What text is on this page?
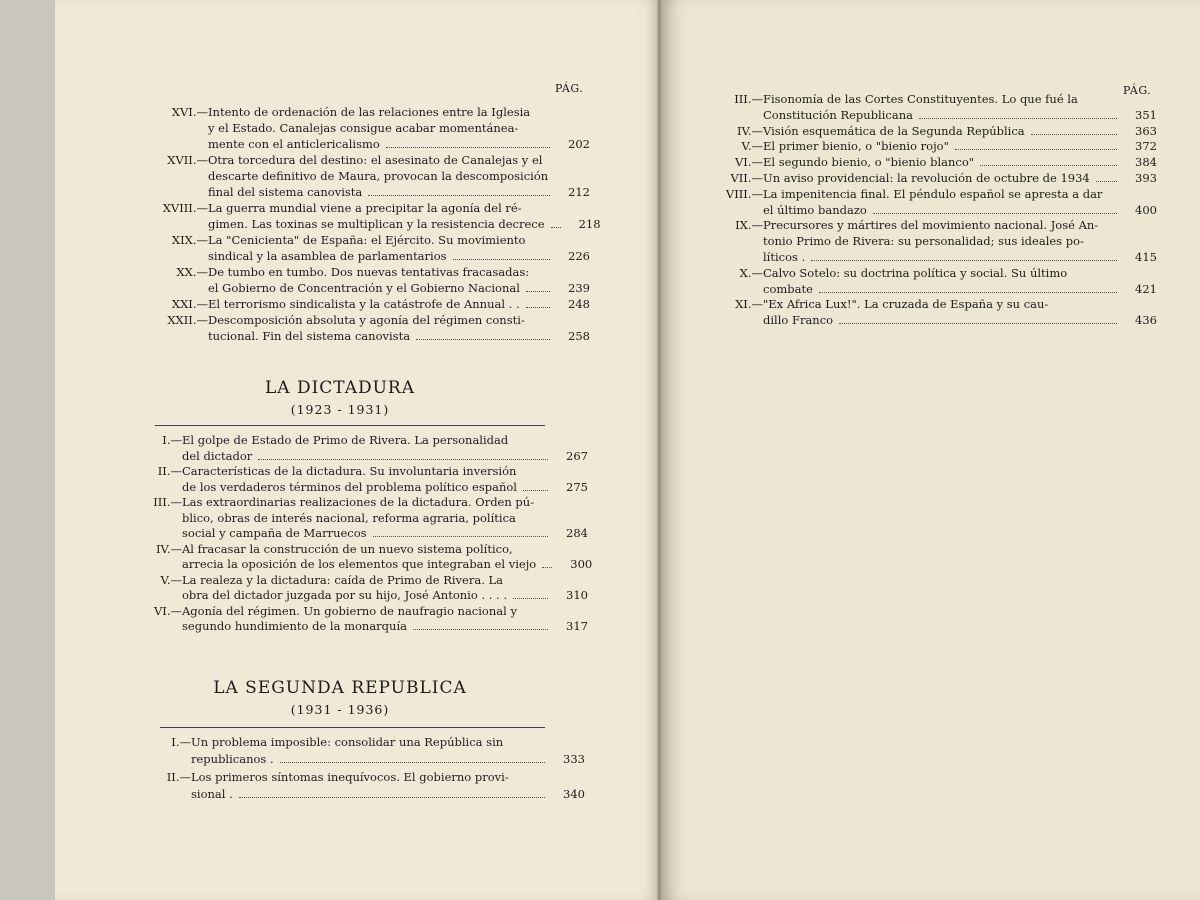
PÁG.
XVI.— Intento de ordenación de las relaciones entre la Iglesia
y el Estado. Canalejas consigue acabar momentánea-
mente con el anticlericalismo	202
XVII.— Otra torcedura del destino: el asesinato de Canalejas y el
descarte definitivo de Maura, provocan la descomposición
final del sistema canovista	212
XVIII.— La guerra mundial viene a precipitar la agonía del ré-
gimen. Las toxinas se multiplican y la resistencia decrece	218
XIX.— La "Cenicienta" de España: el Ejército. Su movimiento
sindical y la asamblea de parlamentarios	226
XX.— De tumbo en tumbo. Dos nuevas tentativas fracasadas:
el Gobierno de Concentración y el Gobierno Nacional	239
XXI.— El terrorismo sindicalista y la catástrofe de Annual . .	248
XXII.— Descomposición absoluta y agonía del régimen consti-
tucional. Fin del sistema canovista	258
LA DICTADURA
(1923 - 1931)
I.— El golpe de Estado de Primo de Rivera. La personalidad
del dictador	267
II.— Características de la dictadura. Su involuntaria inversión
de los verdaderos términos del problema político español	275
III.— Las extraordinarias realizaciones de la dictadura. Orden pú-
blico, obras de interés nacional, reforma agraria, política
social y campaña de Marruecos	284
IV.— Al fracasar la construcción de un nuevo sistema político,
arrecia la oposición de los elementos que integraban el viejo	300
V.— La realeza y la dictadura: caída de Primo de Rivera. La
obra del dictador juzgada por su hijo, José Antonio . . . .	310
VI.— Agonía del régimen. Un gobierno de naufragio nacional y
segundo hundimiento de la monarquía	317
LA SEGUNDA REPUBLICA
(1931 - 1936)
I.— Un problema imposible: consolidar una República sin
republicanos .	333
II.— Los primeros síntomas inequívocos. El gobierno provi-
sional .	340
PÁG.
III.— Fisonomía de las Cortes Constituyentes. Lo que fué la
Constitución Republicana	351
IV.— Visión esquemática de la Segunda República	363
V.— El primer bienio, o "bienio rojo"	372
VI.— El segundo bienio, o "bienio blanco"	384
VII.— Un aviso providencial: la revolución de octubre de 1934	393
VIII.— La impenitencia final. El péndulo español se apresta a dar
el último bandazo	400
IX.— Precursores y mártires del movimiento nacional. José An-
tonio Primo de Rivera: su personalidad; sus ideales po-
líticos .	415
X.— Calvo Sotelo: su doctrina política y social. Su último
combate	421
XI.— "Ex Africa Lux!". La cruzada de España y su cau-
dillo Franco	436
